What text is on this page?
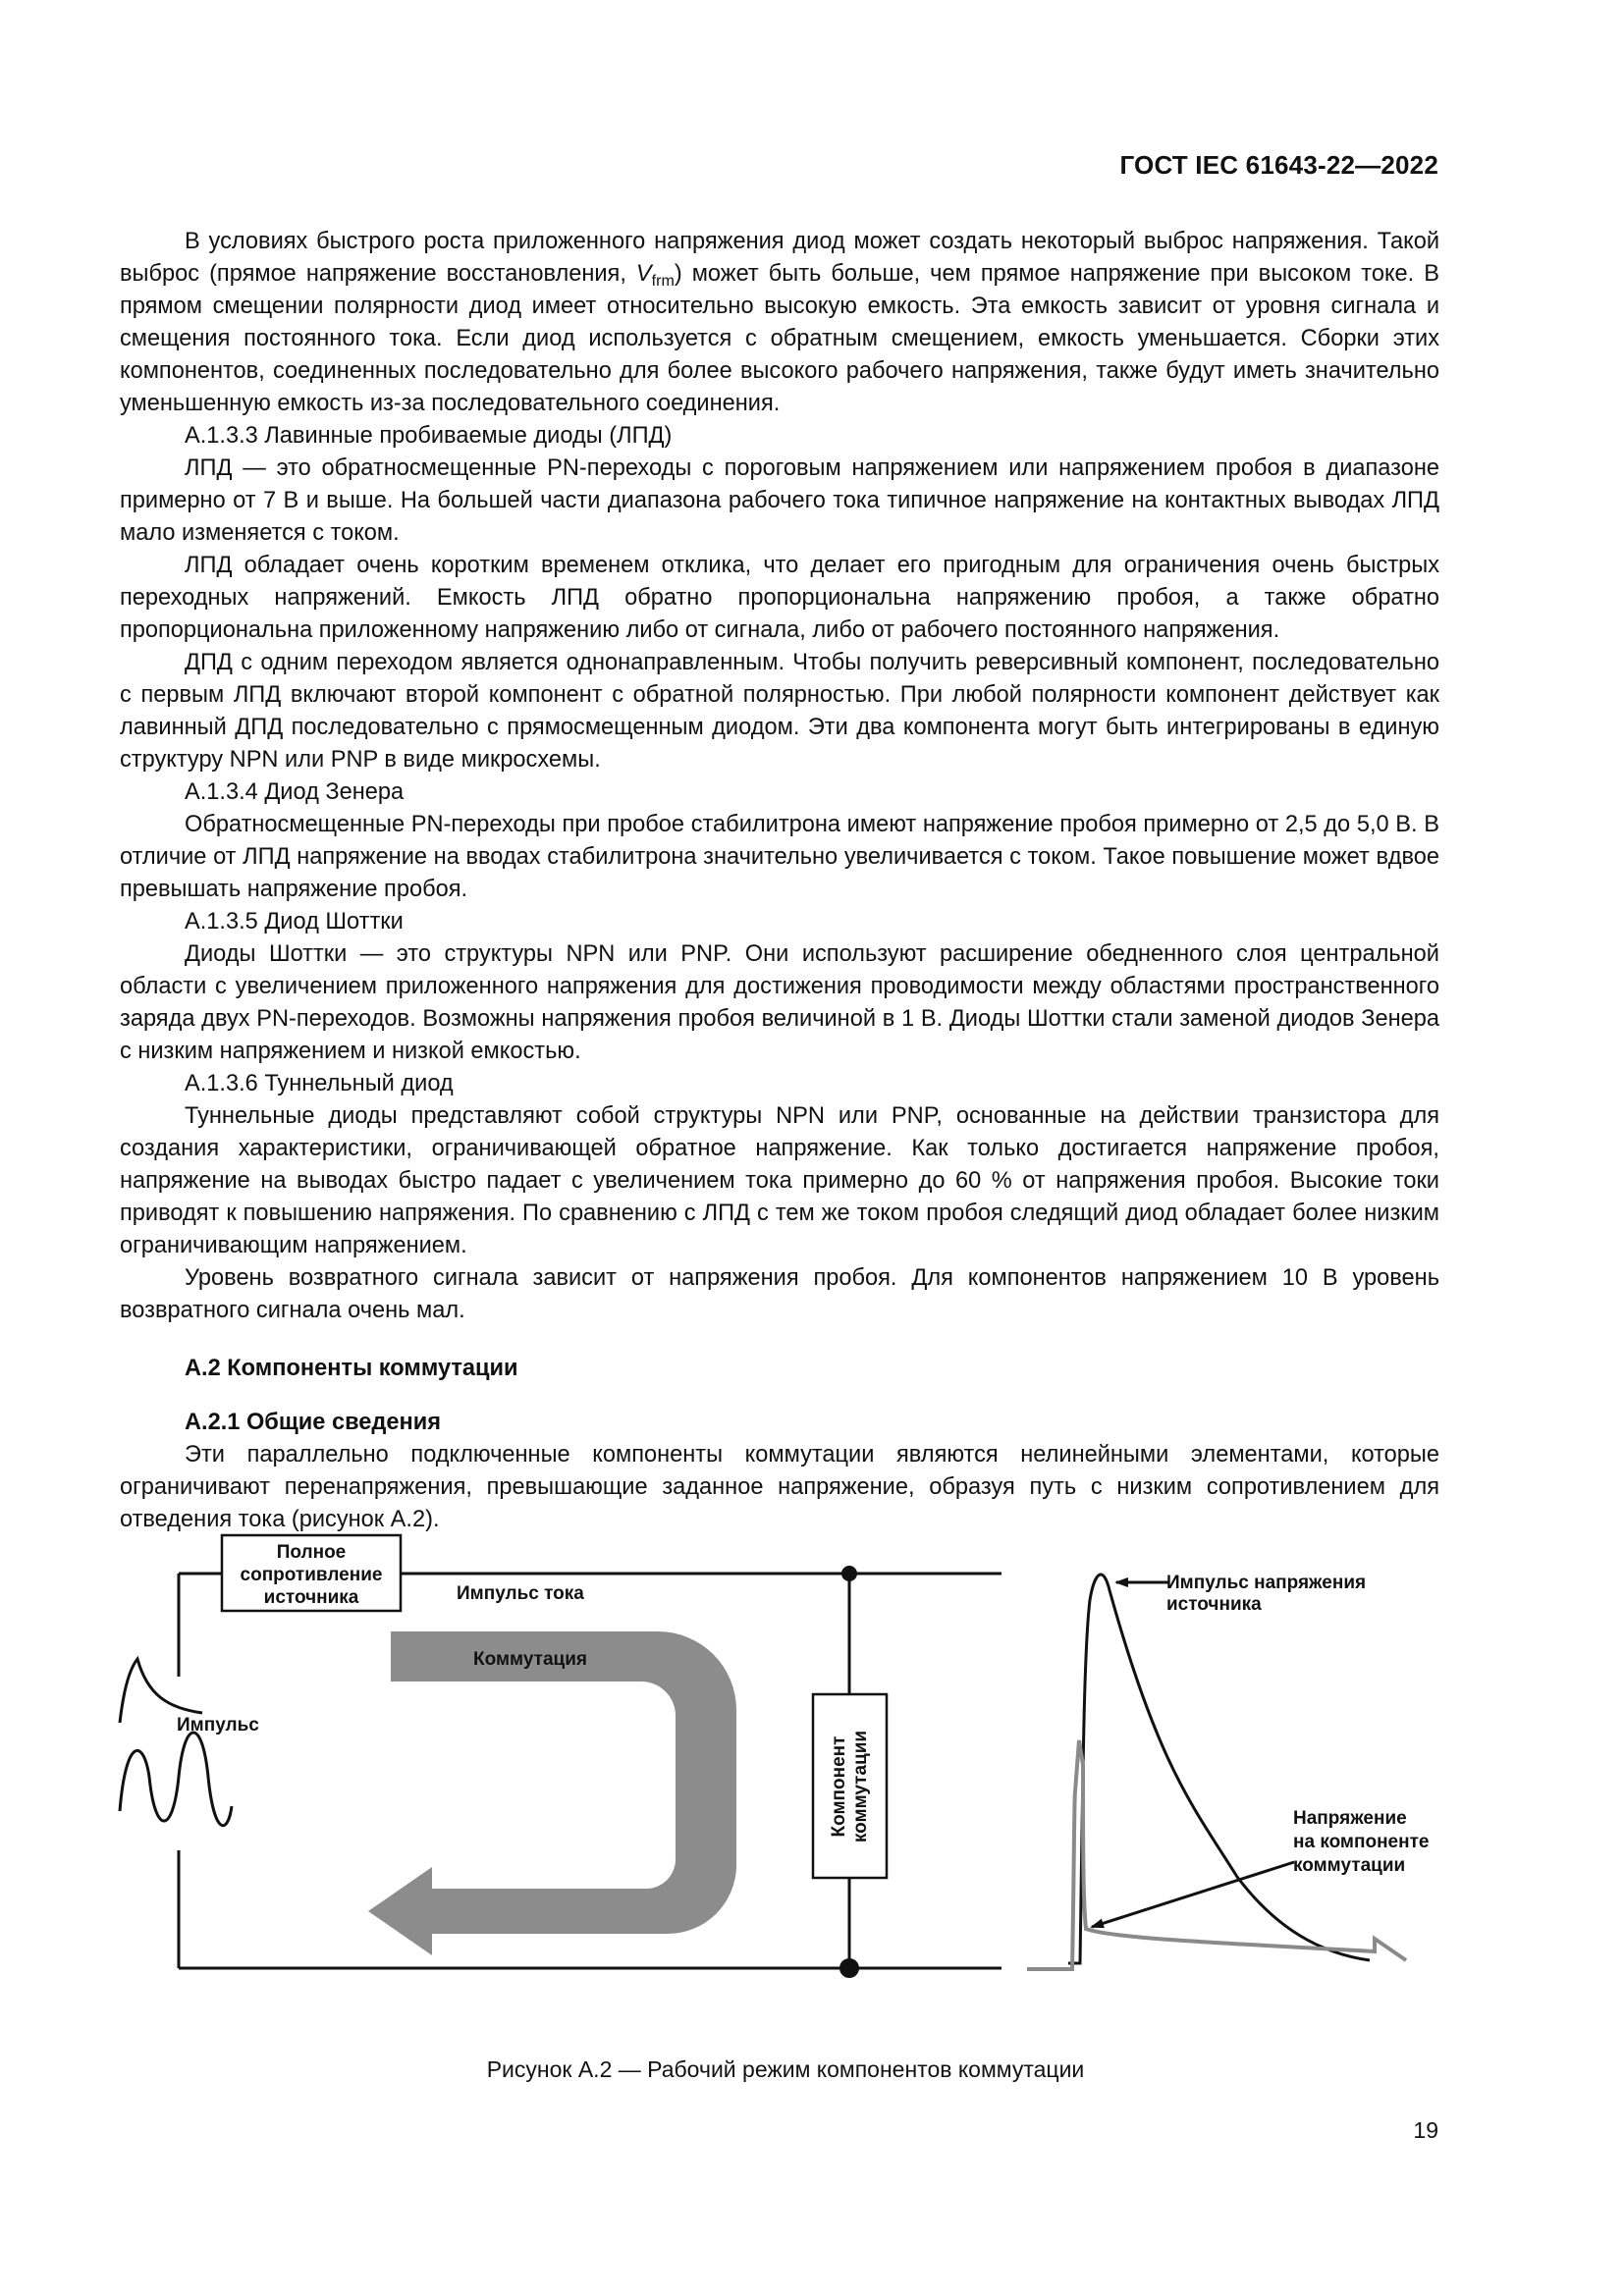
ГОСТ IEC 61643-22—2022

В условиях быстрого роста приложенного напряжения диод может создать некоторый выброс напряжения. Такой выброс (прямое напряжение восстановления, $V_{frm}$) может быть больше, чем прямое напряжение при высоком токе. В прямом смещении полярности диод имеет относительно высокую емкость. Эта емкость зависит от уровня сигнала и смещения постоянного тока. Если диод используется с обратным смещением, емкость уменьшается. Сборки этих компонентов, соединенных последовательно для более высокого рабочего напряжения, также будут иметь значительно уменьшенную емкость из-за последовательного соединения.

А.1.3.3 Лавинные пробиваемые диоды (ЛПД)

ЛПД — это обратносмещенные PN-переходы с пороговым напряжением или напряжением пробоя в диапазоне примерно от 7 В и выше. На большей части диапазона рабочего тока типичное напряжение на контактных выводах ЛПД мало изменяется с током.

ЛПД обладает очень коротким временем отклика, что делает его пригодным для ограничения очень быстрых переходных напряжений. Емкость ЛПД обратно пропорциональна напряжению пробоя, а также обратно пропорциональна приложенному напряжению либо от сигнала, либо от рабочего постоянного напряжения.

ДПД с одним переходом является однонаправленным. Чтобы получить реверсивный компонент, последовательно с первым ЛПД включают второй компонент с обратной полярностью. При любой полярности компонент действует как лавинный ДПД последовательно с прямосмещенным диодом. Эти два компонента могут быть интегрированы в единую структуру NPN или PNP в виде микросхемы.

А.1.3.4 Диод Зенера

Обратносмещенные PN-переходы при пробое стабилитрона имеют напряжение пробоя примерно от 2,5 до 5,0 В. В отличие от ЛПД напряжение на вводах стабилитрона значительно увеличивается с током. Такое повышение может вдвое превышать напряжение пробоя.

А.1.3.5 Диод Шоттки

Диоды Шоттки — это структуры NPN или PNP. Они используют расширение обедненного слоя центральной области с увеличением приложенного напряжения для достижения проводимости между областями пространственного заряда двух PN-переходов. Возможны напряжения пробоя величиной в 1 В. Диоды Шоттки стали заменой диодов Зенера с низким напряжением и низкой емкостью.

А.1.3.6 Туннельный диод

Туннельные диоды представляют собой структуры NPN или PNP, основанные на действии транзистора для создания характеристики, ограничивающей обратное напряжение. Как только достигается напряжение пробоя, напряжение на выводах быстро падает с увеличением тока примерно до 60 % от напряжения пробоя. Высокие токи приводят к повышению напряжения. По сравнению с ЛПД с тем же током пробоя следящий диод обладает более низким ограничивающим напряжением.

Уровень возвратного сигнала зависит от напряжения пробоя. Для компонентов напряжением 10 В уровень возвратного сигнала очень мал.

А.2 Компоненты коммутации
А.2.1 Общие сведения

Эти параллельно подключенные компоненты коммутации являются нелинейными элементами, которые ограничивают перенапряжения, превышающие заданное напряжение, образуя путь с низким сопротивлением для отведения тока (рисунок А.2).

Полное
сопротивление
источника
Компонент коммутации
Импульс тока
Коммутация
Импульс
Импульс напряжения
источника
Напряжение
на компоненте
коммутации
Рисунок А.2 — Рабочий режим компонентов коммутации
19
